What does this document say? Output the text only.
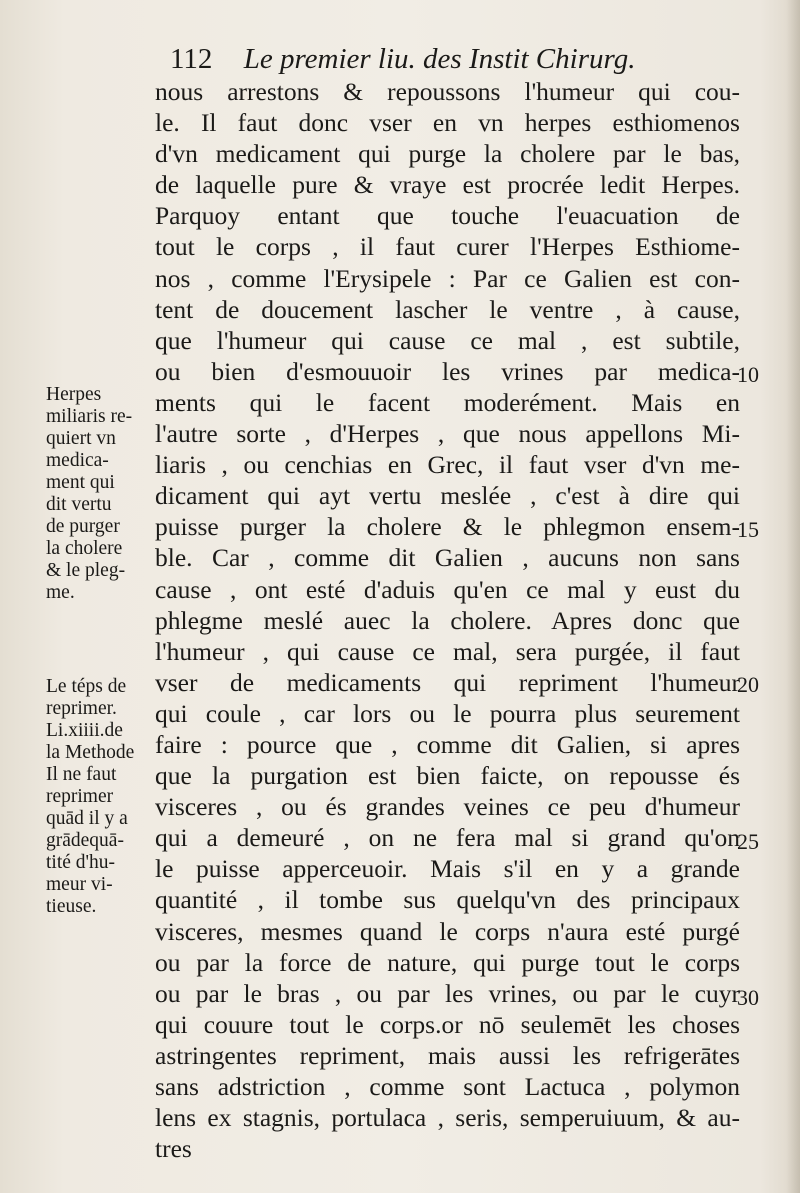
112 Le premier liu. des Instit Chirurg.
nous arrestons & repoussons l'humeur qui cou-
le. Il faut donc vser en vn herpes esthiomenos
d'vn medicament qui purge la cholere par le bas,
de laquelle pure & vraye est procrée ledit Herpes.
Parquoy entant que touche l'euacuation de
tout le corps , il faut curer l'Herpes Esthiome-
nos , comme l'Erysipele : Par ce Galien est con-
tent de doucement lascher le ventre , à cause,
que l'humeur qui cause ce mal , est subtile,
ou bien d'esmouuoir les vrines par medica-
ments qui le facent moderément. Mais en
l'autre sorte , d'Herpes , que nous appellons Mi-
liaris , ou cenchias en Grec, il faut vser d'vn me-
dicament qui ayt vertu meslée , c'est à dire qui
puisse purger la cholere & le phlegmon ensem-
ble. Car , comme dit Galien , aucuns non sans
cause , ont esté d'aduis qu'en ce mal y eust du
phlegme meslé auec la cholere. Apres donc que
l'humeur , qui cause ce mal, sera purgée, il faut
vser de medicaments qui repriment l'humeur
qui coule , car lors ou le pourra plus seurement
faire : pource que , comme dit Galien, si apres
que la purgation est bien faicte, on repousse és
visceres , ou és grandes veines ce peu d'humeur
qui a demeuré , on ne fera mal si grand qu'on
le puisse apperceuoir. Mais s'il en y a grande
quantité , il tombe sus quelqu'vn des principaux
visceres, mesmes quand le corps n'aura esté purgé
ou par la force de nature, qui purge tout le corps
ou par le bras , ou par les vrines, ou par le cuyr
qui couure tout le corps.or nō seulemēt les choses
astringentes repriment, mais aussi les refrigerātes
sans adstriction , comme sont Lactuca , polymon
lens ex stagnis, portulaca , seris, semperuiuum, & au-
tres
Herpes
miliaris re-
quiert vn
medica-
ment qui
dit vertu
de purger
la cholere
& le pleg-
me.
Le téps de
reprimer.
Li.xiiii.de
la Methode
Il ne faut
reprimer
quād il y a
grādequā-
tité d'hu-
meur vi-
tieuse.
10
15
20
25
30
